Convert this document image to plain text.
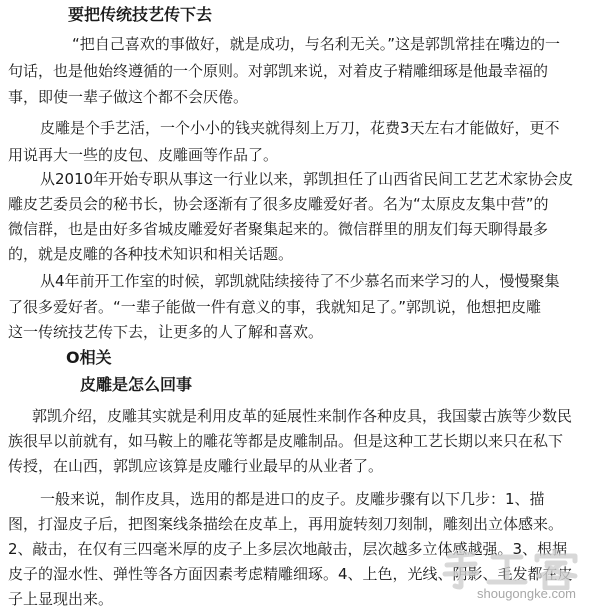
要把传统技艺传下去
“把自己喜欢的事做好，就是成功，与名利无关。”这是郭凯常挂在嘴边的一
句话，也是他始终遵循的一个原则。对郭凯来说，对着皮子精雕细琢是他最幸福的
事，即使一辈子做这个都不会厌倦。
皮雕是个手艺活，一个小小的钱夹就得刻上万刀，花费3天左右才能做好，更不
用说再大一些的皮包、皮雕画等作品了。
从2010年开始专职从事这一行业以来，郭凯担任了山西省民间工艺艺术家协会皮
雕皮艺委员会的秘书长，协会逐渐有了很多皮雕爱好者。名为“太原皮友集中营”的
微信群，也是由好多省城皮雕爱好者聚集起来的。微信群里的朋友们每天聊得最多
的，就是皮雕的各种技术知识和相关话题。
从4年前开工作室的时候，郭凯就陆续接待了不少慕名而来学习的人，慢慢聚集
了很多爱好者。“一辈子能做一件有意义的事，我就知足了。”郭凯说，他想把皮雕
这一传统技艺传下去，让更多的人了解和喜欢。
O相关
皮雕是怎么回事
郭凯介绍，皮雕其实就是利用皮革的延展性来制作各种皮具，我国蒙古族等少数民
族很早以前就有，如马鞍上的雕花等都是皮雕制品。但是这种工艺长期以来只在私下
传授，在山西，郭凯应该算是皮雕行业最早的从业者了。
一般来说，制作皮具，选用的都是进口的皮子。皮雕步骤有以下几步：1、描
图，打湿皮子后，把图案线条描绘在皮革上，再用旋转刻刀刻制，雕刻出立体感来。
2、敲击，在仅有三四毫米厚的皮子上多层次地敲击，层次越多立体感越强。3、根据
皮子的湿水性、弹性等各方面因素考虑精雕细琢。4、上色，光线、阴影、毛发都在皮
子上显现出来。	shougongke.com
